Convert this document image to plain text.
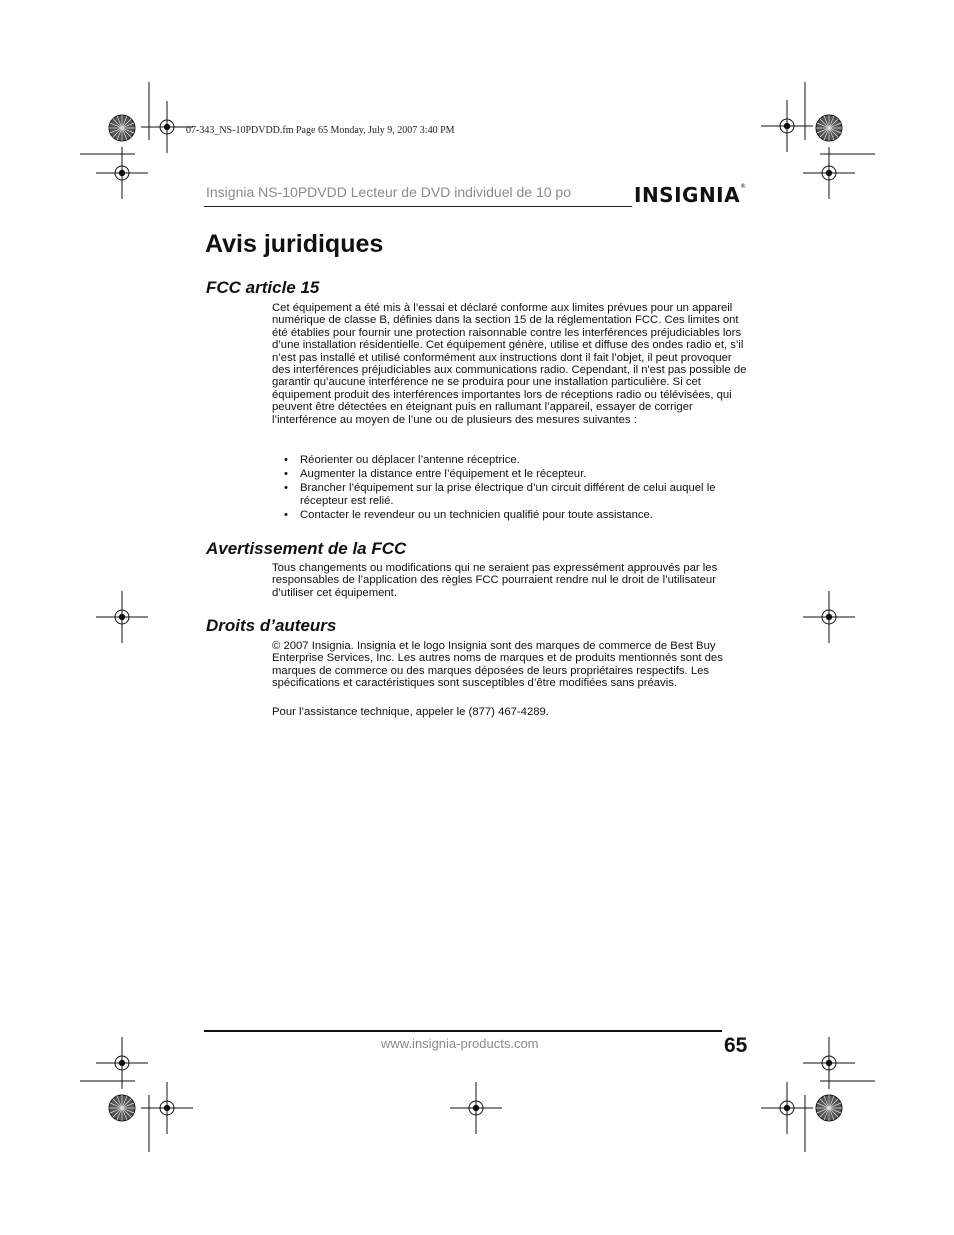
07-343_NS-10PDVDD.fm Page 65 Monday, July 9, 2007 3:40 PM
Insignia NS-10PDVDD Lecteur de DVD individuel de 10 po	INSIGNIA®
Avis juridiques
FCC article 15

Cet équipement a été mis à l’essai et déclaré conforme aux limites prévues pour un appareil numérique de classe B, définies dans la section 15 de la réglementation FCC. Ces limites ont été établies pour fournir une protection raisonnable contre les interférences préjudiciables lors d’une installation résidentielle. Cet équipement génère, utilise et diffuse des ondes radio et, s’il n’est pas installé et utilisé conformément aux instructions dont il fait l’objet, il peut provoquer des interférences préjudiciables aux communications radio. Cependant, il n'est pas possible de garantir qu’aucune interférence ne se produira pour une installation particulière. Si cet équipement produit des interférences importantes lors de réceptions radio ou télévisées, qui peuvent être détectées en éteignant puis en rallumant l’appareil, essayer de corriger l’interférence au moyen de l’une ou de plusieurs des mesures suivantes :

• Réorienter ou déplacer l’antenne réceptrice.
• Augmenter la distance entre l’équipement et le récepteur.
• Brancher l’équipement sur la prise électrique d’un circuit différent de celui auquel le récepteur est relié.
• Contacter le revendeur ou un technicien qualifié pour toute assistance.
Avertissement de la FCC

Tous changements ou modifications qui ne seraient pas expressément approuvés par les responsables de l’application des règles FCC pourraient rendre nul le droit de l’utilisateur d’utiliser cet équipement.

Droits d’auteurs

© 2007 Insignia. Insignia et le logo Insignia sont des marques de commerce de Best Buy Enterprise Services, Inc. Les autres noms de marques et de produits mentionnés sont des marques de commerce ou des marques déposées de leurs propriétaires respectifs. Les spécifications et caractéristiques sont susceptibles d’être modifiées sans préavis.

Pour l’assistance technique, appeler le (877) 467-4289.

www.insignia-products.com	65
